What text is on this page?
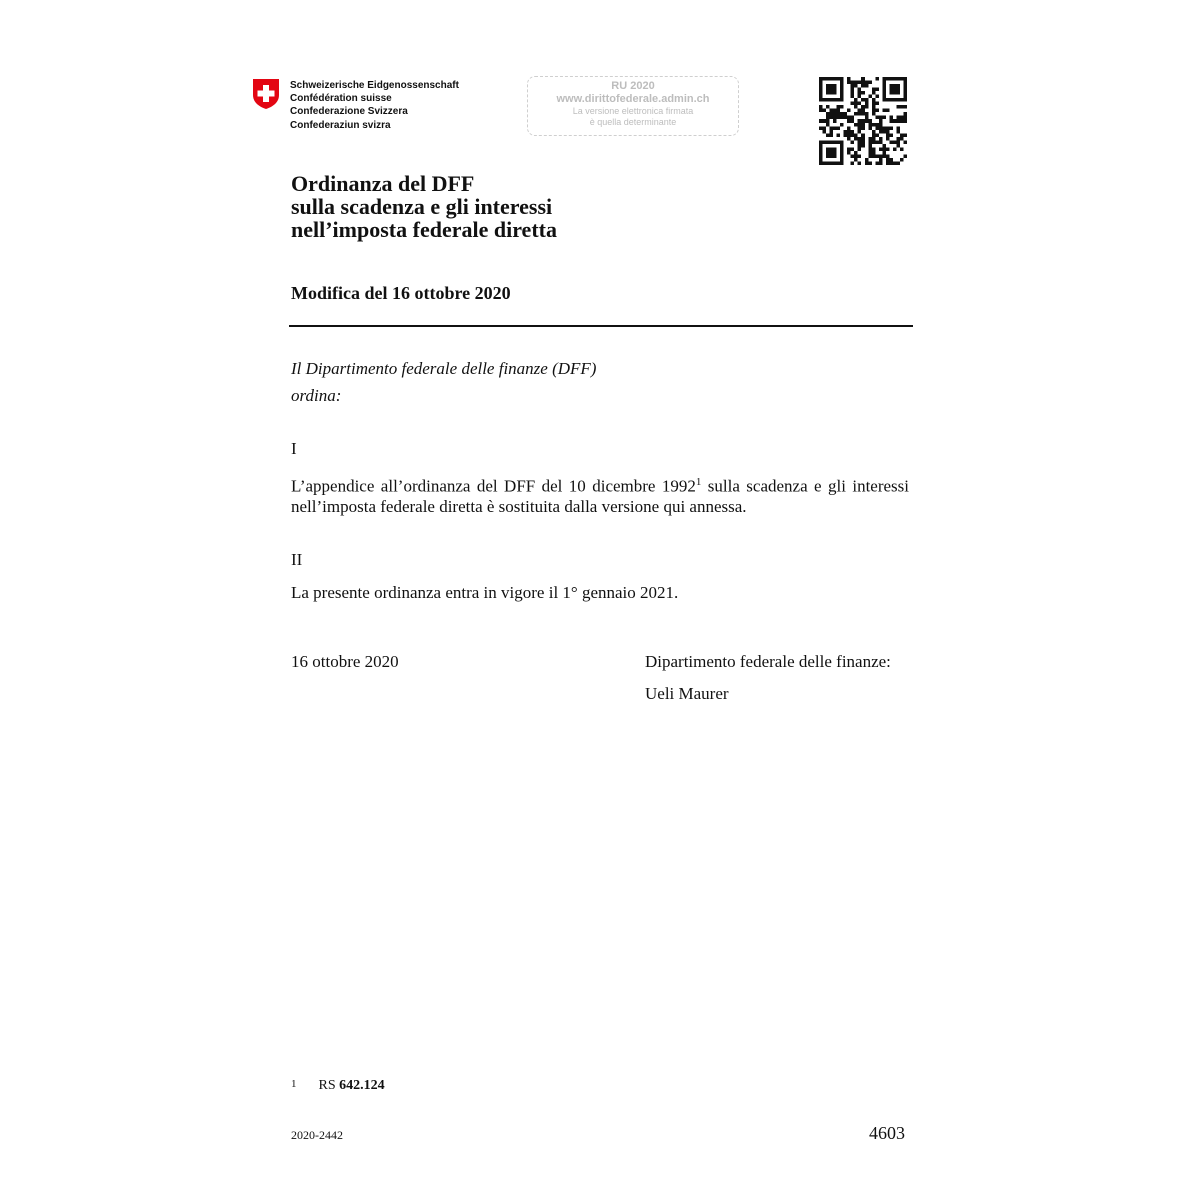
Schweizerische Eidgenossenschaft
Confédération suisse
Confederazione Svizzera
Confederaziun svizra
RU 2020
www.dirittofederale.admin.ch
La versione elettronica firmata
è quella determinante
Ordinanza del DFF
sulla scadenza e gli interessi
nell’imposta federale diretta
Modifica del 16 ottobre 2020
Il Dipartimento federale delle finanze (DFF)
ordina:
I
L’appendice all’ordinanza del DFF del 10 dicembre 1992$^1$ sulla scadenza e gli interessi nell’imposta federale diretta è sostituita dalla versione qui annessa.
II
La presente ordinanza entra in vigore il 1° gennaio 2021.
16 ottobre 2020	Dipartimento federale delle finanze:
Ueli Maurer
$^1$ RS 642.124
2020-2442	4603
